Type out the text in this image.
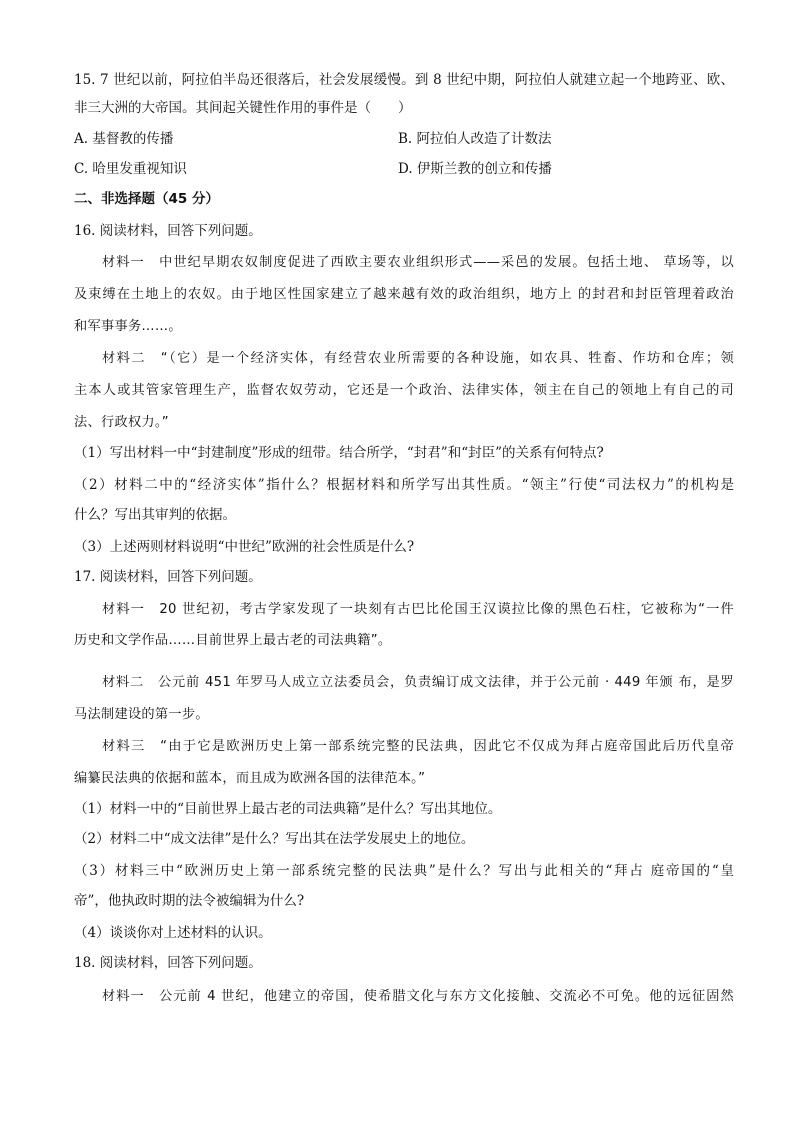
15. 7 世纪以前，阿拉伯半岛还很落后，社会发展缓慢。到 8 世纪中期，阿拉伯人就建立起一个地跨亚、欧、
非三大洲的大帝国。其间起关键性作用的事件是（　　）
A. 基督教的传播	B. 阿拉伯人改造了计数法
C. 哈里发重视知识	D. 伊斯兰教的创立和传播
二、非选择题（45 分）
16. 阅读材料，回答下列问题。
材料一　中世纪早期农奴制度促进了西欧主要农业组织形式——采邑的发展。包括土地、 草场等，以
及束缚在土地上的农奴。由于地区性国家建立了越来越有效的政治组织，地方上 的封君和封臣管理着政治
和军事事务……。
材料二　“（它）是一个经济实体，有经营农业所需要的各种设施，如农具、牲畜、作坊和仓库；领
主本人或其管家管理生产，监督农奴劳动，它还是一个政治、法律实体，领主在自己的领地上有自己的司
法、行政权力。”
（1）写出材料一中“封建制度”形成的纽带。结合所学，“封君”和“封臣”的关系有何特点?
（2）材料二中的“经济实体”指什么？根据材料和所学写出其性质。“领主”行使“司法权力”的机构是
什么？写出其审判的依据。
（3）上述两则材料说明“中世纪”欧洲的社会性质是什么?
17. 阅读材料，回答下列问题。
材料一　20 世纪初，考古学家发现了一块刻有古巴比伦国王汉谟拉比像的黑色石柱，它被称为“一件
历史和文学作品……目前世界上最古老的司法典籍”。
材料二　公元前 451 年罗马人成立立法委员会，负责编订成文法律，并于公元前 · 449 年颁 布，是罗
马法制建设的第一步。
材料三　“由于它是欧洲历史上第一部系统完整的民法典，因此它不仅成为拜占庭帝国此后历代皇帝
编纂民法典的依据和蓝本，而且成为欧洲各国的法律范本。”
（1）材料一中的“目前世界上最古老的司法典籍”是什么？写出其地位。
（2）材料二中“成文法律”是什么？写出其在法学发展史上的地位。
（3）材料三中“欧洲历史上第一部系统完整的民法典”是什么？写出与此相关的“拜占 庭帝国的“皇
帝”，他执政时期的法令被编辑为什么?
（4）谈谈你对上述材料的认识。
18. 阅读材料，回答下列问题。
材料一　公元前 4 世纪，他建立的帝国，使希腊文化与东方文化接触、交流必不可免。他的远征固然
